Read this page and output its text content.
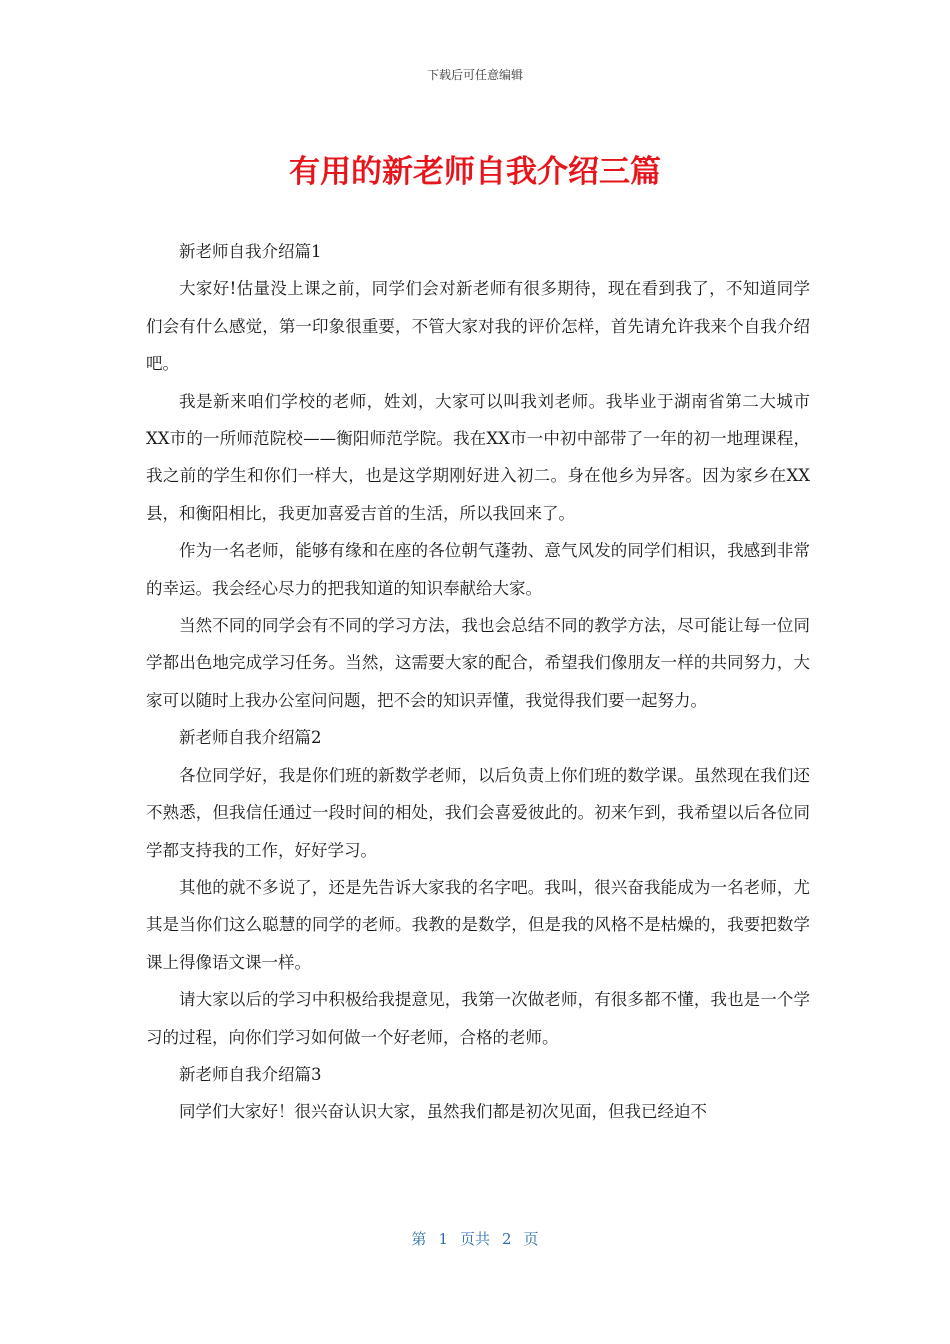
下载后可任意编辑
有用的新老师自我介绍三篇

新老师自我介绍篇1

大家好!估量没上课之前，同学们会对新老师有很多期待，现在看到我了，不知道同学们会有什么感觉，第一印象很重要，不管大家对我的评价怎样，首先请允许我来个自我介绍吧。

我是新来咱们学校的老师，姓刘，大家可以叫我刘老师。我毕业于湖南省第二大城市XX市的一所师范院校——衡阳师范学院。我在XX市一中初中部带了一年的初一地理课程，我之前的学生和你们一样大，也是这学期刚好进入初二。身在他乡为异客。因为家乡在XX县，和衡阳相比，我更加喜爱吉首的生活，所以我回来了。

作为一名老师，能够有缘和在座的各位朝气蓬勃、意气风发的同学们相识，我感到非常的幸运。我会经心尽力的把我知道的知识奉献给大家。

当然不同的同学会有不同的学习方法，我也会总结不同的教学方法，尽可能让每一位同学都出色地完成学习任务。当然，这需要大家的配合，希望我们像朋友一样的共同努力，大家可以随时上我办公室问问题，把不会的知识弄懂，我觉得我们要一起努力。

新老师自我介绍篇2

各位同学好，我是你们班的新数学老师，以后负责上你们班的数学课。虽然现在我们还不熟悉，但我信任通过一段时间的相处，我们会喜爱彼此的。初来乍到，我希望以后各位同学都支持我的工作，好好学习。

其他的就不多说了，还是先告诉大家我的名字吧。我叫，很兴奋我能成为一名老师，尤其是当你们这么聪慧的同学的老师。我教的是数学，但是我的风格不是枯燥的，我要把数学课上得像语文课一样。

请大家以后的学习中积极给我提意见，我第一次做老师，有很多都不懂，我也是一个学习的过程，向你们学习如何做一个好老师，合格的老师。

新老师自我介绍篇3

同学们大家好！很兴奋认识大家，虽然我们都是初次见面，但我已经迫不

第 1 页共 2 页
